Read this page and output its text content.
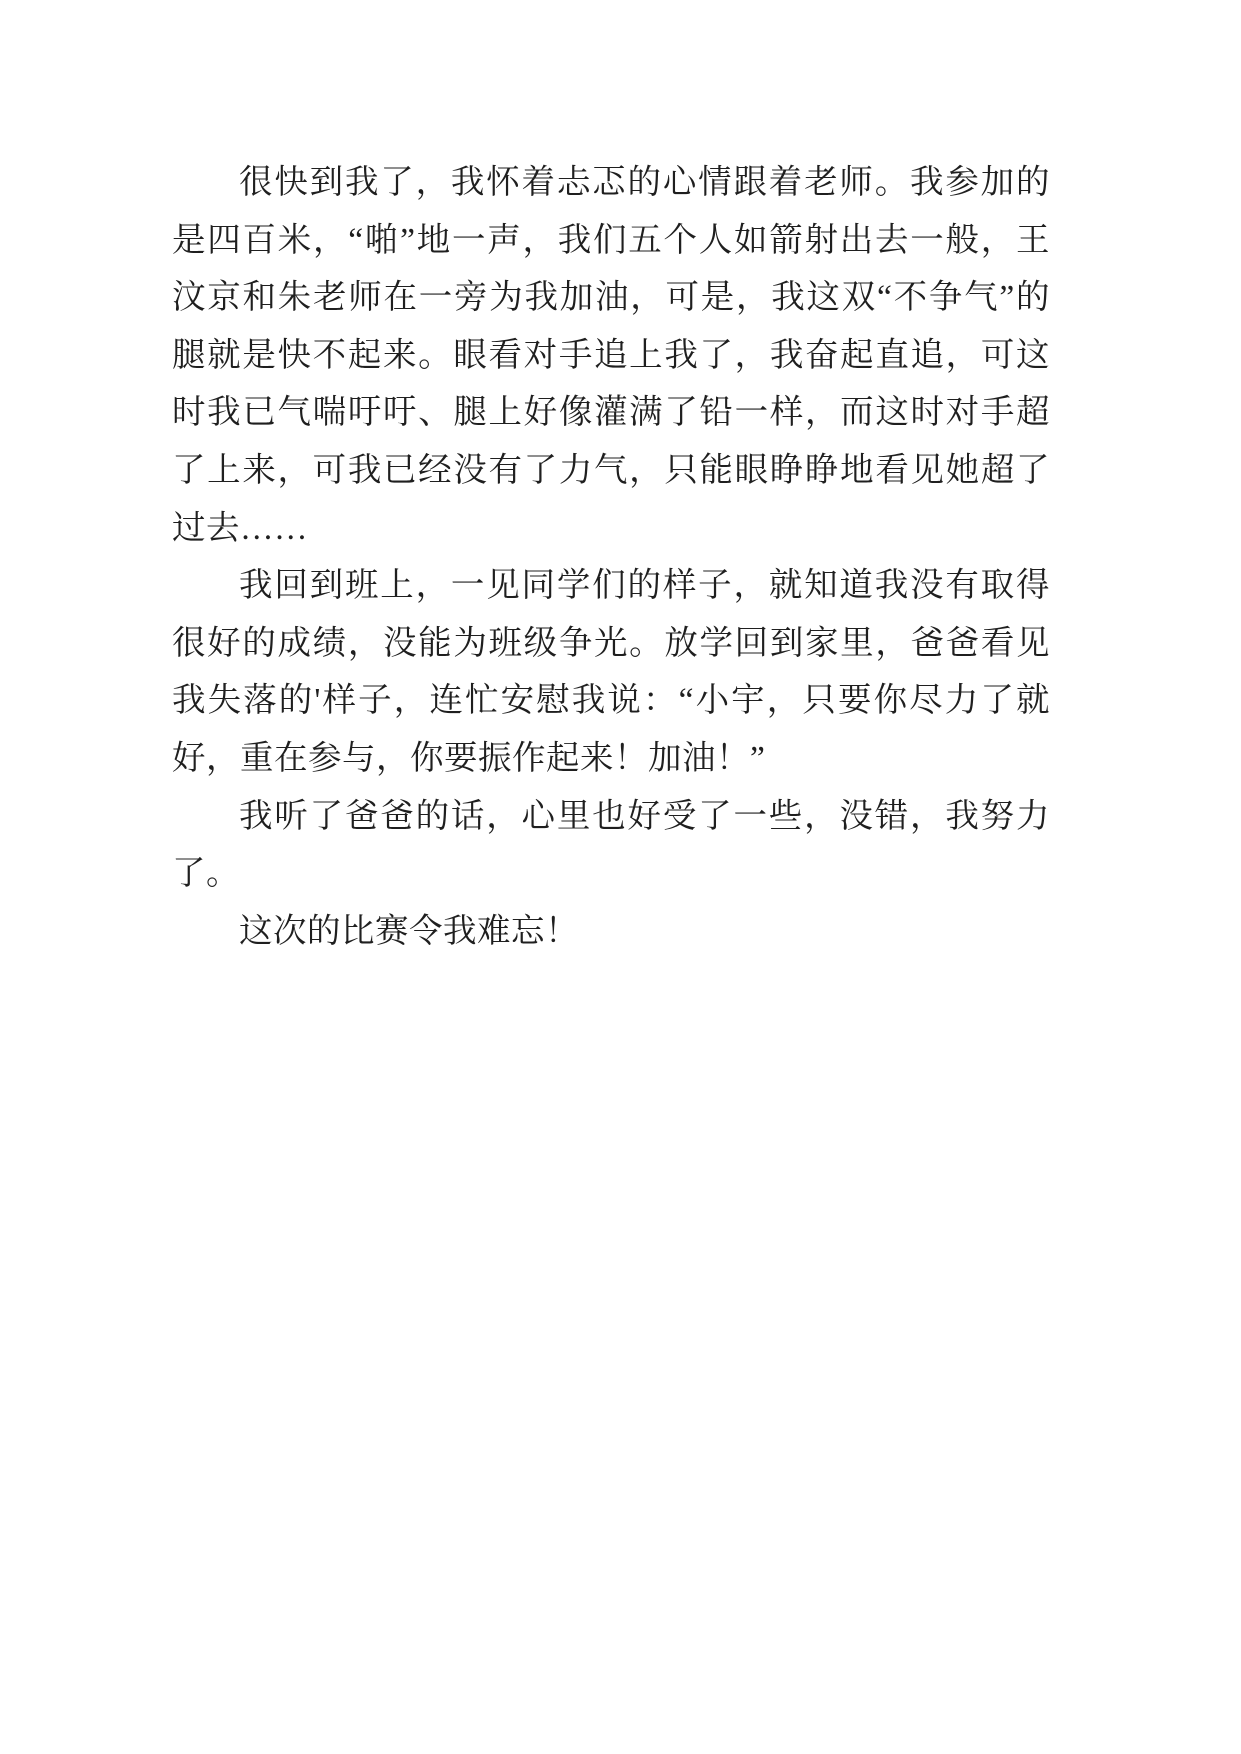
很快到我了，我怀着忐忑的心情跟着老师。我参加的是四百米，“啪”地一声，我们五个人如箭射出去一般，王汶京和朱老师在一旁为我加油，可是，我这双“不争气”的腿就是快不起来。眼看对手追上我了，我奋起直追，可这时我已气喘吁吁、腿上好像灌满了铅一样，而这时对手超了上来，可我已经没有了力气，只能眼睁睁地看见她超了过去……

我回到班上，一见同学们的样子，就知道我没有取得很好的成绩，没能为班级争光。放学回到家里，爸爸看见我失落的'样子，连忙安慰我说：“小宇，只要你尽力了就好，重在参与，你要振作起来！加油！”

我听了爸爸的话，心里也好受了一些，没错，我努力了。

这次的比赛令我难忘！
